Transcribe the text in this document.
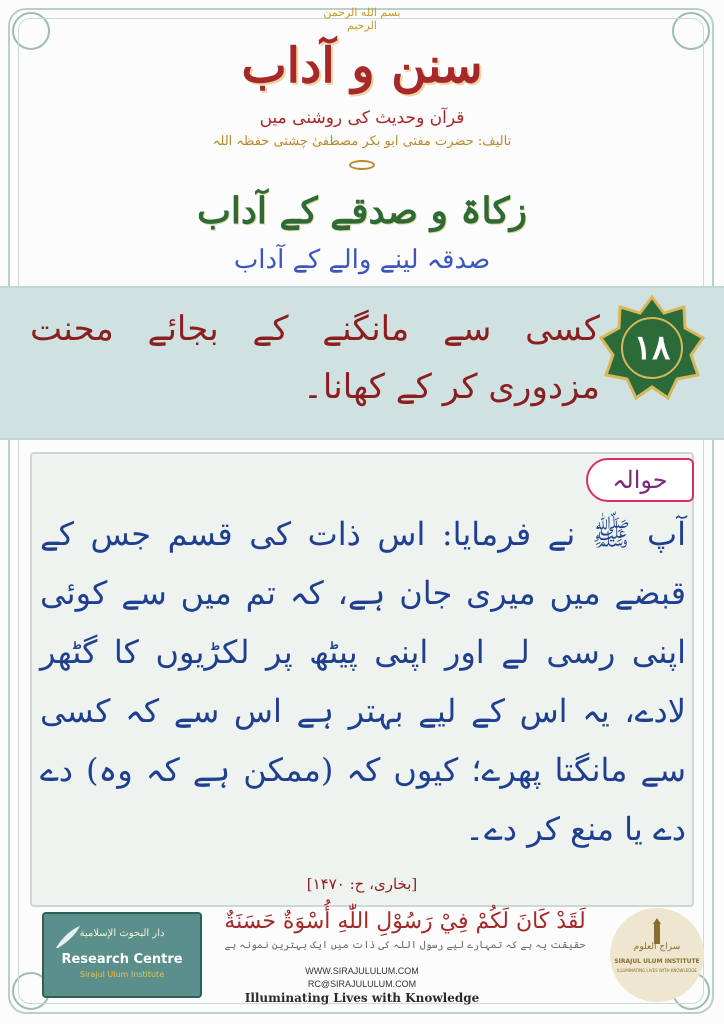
بسم الله الرحمن الرحيم
سنن و آداب
قرآن وحدیث کی روشنی میں
تالیف: حضرت مفتی ابو بکر مصطفیٰ چشتی حفظہ اللہ
زکاۃ و صدقے کے آداب
صدقہ لینے والے کے آداب
۱۸
کسی سے مانگنے کے بجائے محنت مزدوری کر کے کھانا۔
حوالہ
آپ ﷺ نے فرمایا: اس ذات کی قسم جس کے قبضے میں میری جان ہے، کہ تم میں سے کوئی اپنی رسی لے اور اپنی پیٹھ پر لکڑیوں کا گٹھر لادے، یہ اس کے لیے بہتر ہے اس سے کہ کسی سے مانگتا پھرے؛ کیوں کہ (ممکن ہے کہ وہ) دے دے یا منع کر دے۔
[بخاری، ح: ۱۴۷۰]
دار البحوث الإسلامية
Research Centre
Sirajul Ulum Institute
لَقَدْ كَانَ لَكُمْ فِيْ رَسُوْلِ اللّٰهِ أُسْوَةٌ حَسَنَةٌ
حقیقت یہ ہے کہ تمہارے لیے رسول اللہ کی ذات میں ایک بہترین نمونہ ہے
WWW.SIRAJULULUM.COM
RC@SIRAJULULUM.COM
Illuminating Lives with Knowledge
سراج العلوم
SIRAJUL ULUM INSTITUTE
ILLUMINATING LIVES WITH KNOWLEDGE
